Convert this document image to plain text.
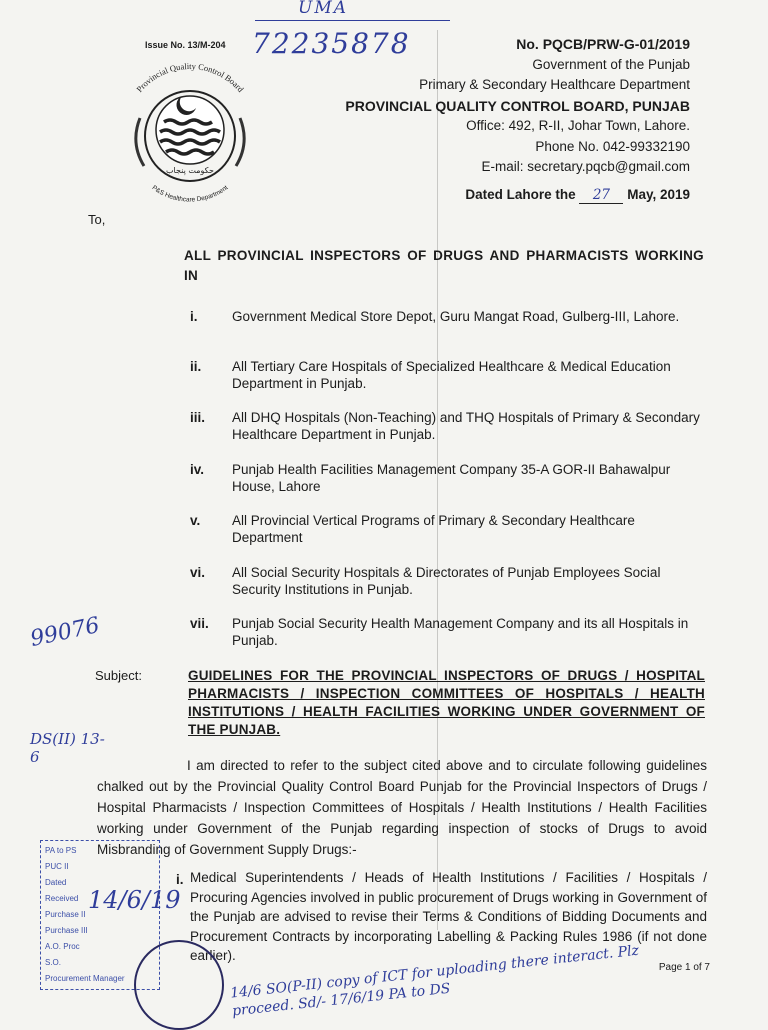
Issue No. 13/M-204
UMA
72235878
Provincial Quality Control Board
P&S Healthcare Department
حکومت پنجاب
No. PQCB/PRW-G-01/2019
Government of the Punjab
Primary & Secondary Healthcare Department
PROVINCIAL QUALITY CONTROL BOARD, PUNJAB
Office: 492, R-II, Johar Town, Lahore.
Phone No. 042-99332190
E-mail: secretary.pqcb@gmail.com
Dated Lahore the 27 May, 2019
To,
ALL PROVINCIAL INSPECTORS OF DRUGS AND PHARMACISTS WORKING IN
i.	Government Medical Store Depot, Guru Mangat Road, Gulberg-III, Lahore.
ii.	All Tertiary Care Hospitals of Specialized Healthcare & Medical Education Department in Punjab.
iii.	All DHQ Hospitals (Non-Teaching) and THQ Hospitals of Primary & Secondary Healthcare Department in Punjab.
iv.	Punjab Health Facilities Management Company 35-A GOR-II Bahawalpur House, Lahore
v.	All Provincial Vertical Programs of Primary & Secondary Healthcare Department
vi.	All Social Security Hospitals & Directorates of Punjab Employees Social Security Institutions in Punjab.
vii.	Punjab Social Security Health Management Company and its all Hospitals in Punjab.
99076
DS(II) 13-6
Subject:	GUIDELINES FOR THE PROVINCIAL INSPECTORS OF DRUGS / HOSPITAL PHARMACISTS / INSPECTION COMMITTEES OF HOSPITALS / HEALTH INSTITUTIONS / HEALTH FACILITIES WORKING UNDER GOVERNMENT OF THE PUNJAB.
I am directed to refer to the subject cited above and to circulate following guidelines chalked out by the Provincial Quality Control Board Punjab for the Provincial Inspectors of Drugs / Hospital Pharmacists / Inspection Committees of Hospitals / Health Institutions / Health Facilities working under Government of the Punjab regarding inspection of stocks of Drugs to avoid Misbranding of Government Supply Drugs:-
i. Medical Superintendents / Heads of Health Institutions / Facilities / Hospitals / Procuring Agencies involved in public procurement of Drugs working in Government of the Punjab are advised to revise their Terms & Conditions of Bidding Documents and Procurement Contracts by incorporating Labelling & Packing Rules 1986 (if not done earlier).
PA to PS
PUC II
Dated
Received
Purchase II
Purchase III
A.O. Proc
S.O.
Procurement Manager
14/6/19
14/6 SO(P-II) copy of ICT for uploading there interact. Plz proceed. Sd/- 17/6/19 PA to DS
Page 1 of 7
